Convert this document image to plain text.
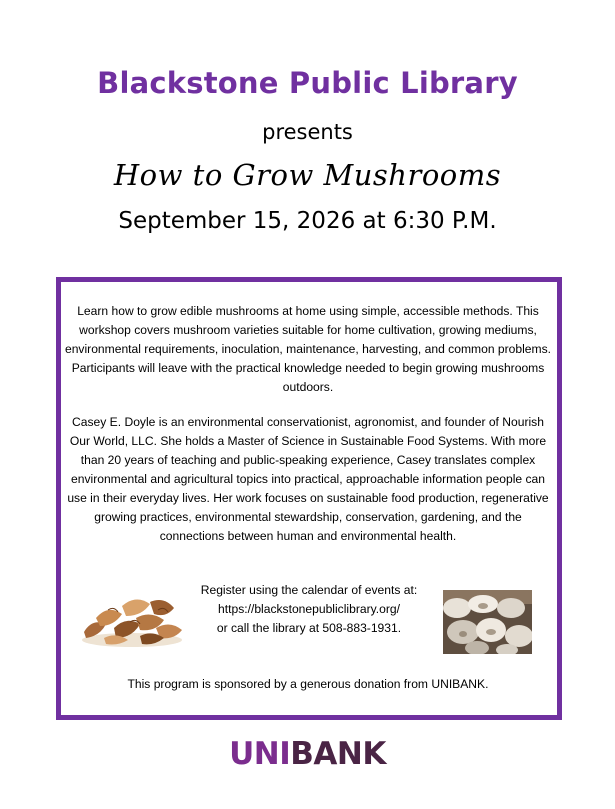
Blackstone Public Library
presents
How to Grow Mushrooms
September 15, 2026 at 6:30 P.M.

Learn how to grow edible mushrooms at home using simple, accessible methods. This workshop covers mushroom varieties suitable for home cultivation, growing mediums, environmental requirements, inoculation, maintenance, harvesting, and common problems. Participants will leave with the practical knowledge needed to begin growing mushrooms outdoors.

Casey E. Doyle is an environmental conservationist, agronomist, and founder of Nourish Our World, LLC. She holds a Master of Science in Sustainable Food Systems. With more than 20 years of teaching and public-speaking experience, Casey translates complex environmental and agricultural topics into practical, approachable information people can use in their everyday lives. Her work focuses on sustainable food production, regenerative growing practices, environmental stewardship, conservation, gardening, and the connections between human and environmental health.

Register using the calendar of events at:
https://blackstonepubliclibrary.org/
or call the library at 508-883-1931.
This program is sponsored by a generous donation from UNIBANK.
UNIBANK
